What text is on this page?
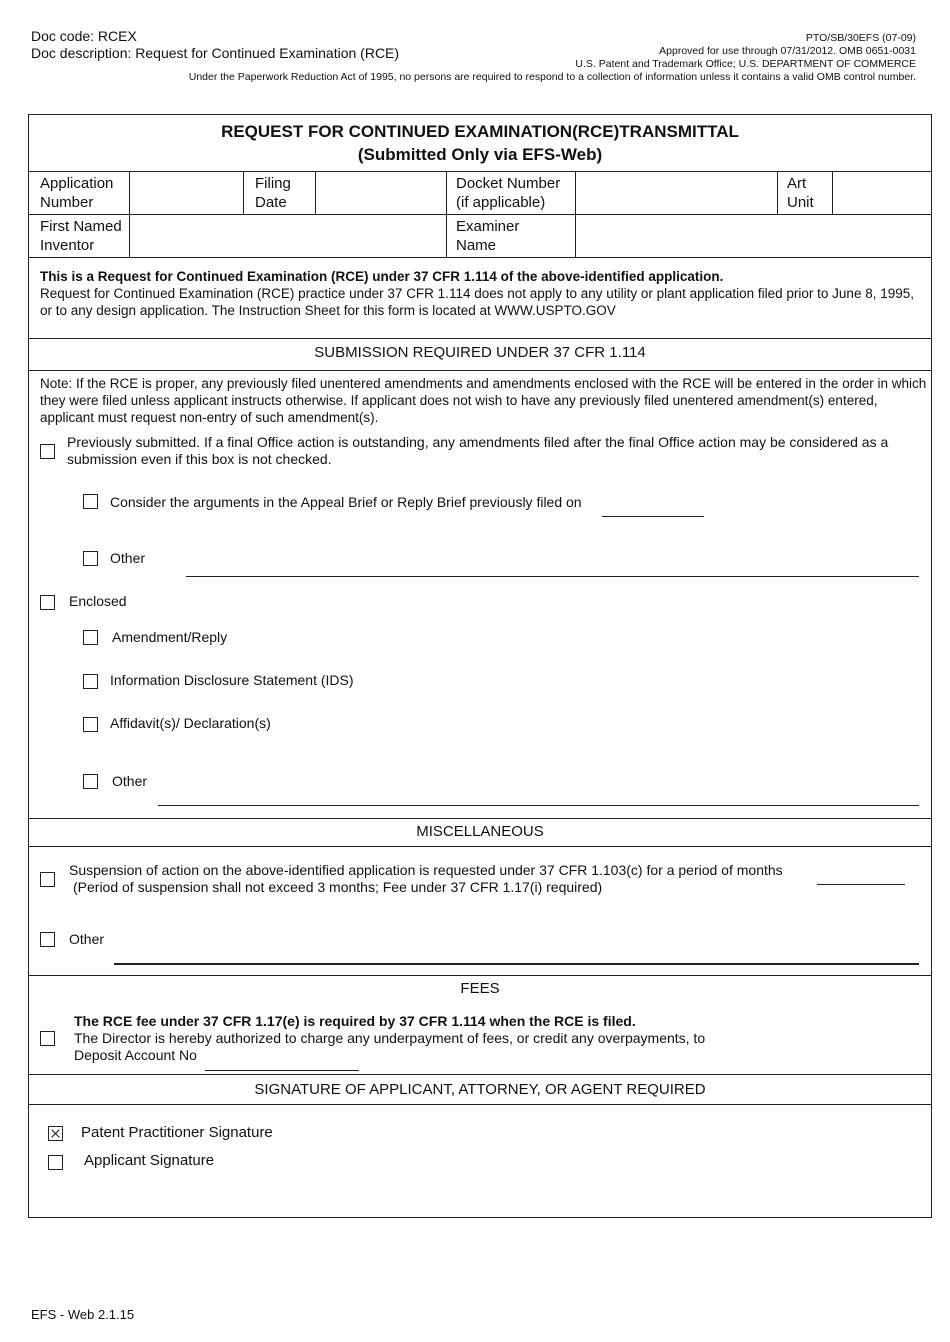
Doc code: RCEX
Doc description: Request for Continued Examination (RCE)
PTO/SB/30EFS (07-09)
Approved for use through 07/31/2012. OMB 0651-0031
U.S. Patent and Trademark Office; U.S. DEPARTMENT OF COMMERCE
Under the Paperwork Reduction Act of 1995, no persons are required to respond to a collection of information unless it contains a valid OMB control number.
REQUEST FOR CONTINUED EXAMINATION(RCE)TRANSMITTAL
(Submitted Only via EFS-Web)
Application
Number
Filing
Date
Docket Number
(if applicable)
Art
Unit
First Named
Inventor
Examiner
Name
This is a Request for Continued Examination (RCE) under 37 CFR 1.114 of the above-identified application.
Request for Continued Examination (RCE) practice under 37 CFR 1.114 does not apply to any utility or plant application filed prior to June 8, 1995, or to any design application. The Instruction Sheet for this form is located at WWW.USPTO.GOV
SUBMISSION REQUIRED UNDER 37 CFR 1.114
Note: If the RCE is proper, any previously filed unentered amendments and amendments enclosed with the RCE will be entered in the order in which they were filed unless applicant instructs otherwise. If applicant does not wish to have any previously filed unentered amendment(s) entered, applicant must request non-entry of such amendment(s).
Previously submitted. If a final Office action is outstanding, any amendments filed after the final Office action may be considered as a submission even if this box is not checked.
Consider the arguments in the Appeal Brief or Reply Brief previously filed on
Other
Enclosed
Amendment/Reply
Information Disclosure Statement (IDS)
Affidavit(s)/ Declaration(s)
Other
MISCELLANEOUS
Suspension of action on the above-identified application is requested under 37 CFR 1.103(c) for a period of months
(Period of suspension shall not exceed 3 months; Fee under 37 CFR 1.17(i) required)
Other
FEES
The RCE fee under 37 CFR 1.17(e) is required by 37 CFR 1.114 when the RCE is filed.
The Director is hereby authorized to charge any underpayment of fees, or credit any overpayments, to
Deposit Account No
SIGNATURE OF APPLICANT, ATTORNEY, OR AGENT REQUIRED
Patent Practitioner Signature
Applicant Signature
EFS - Web 2.1.15
